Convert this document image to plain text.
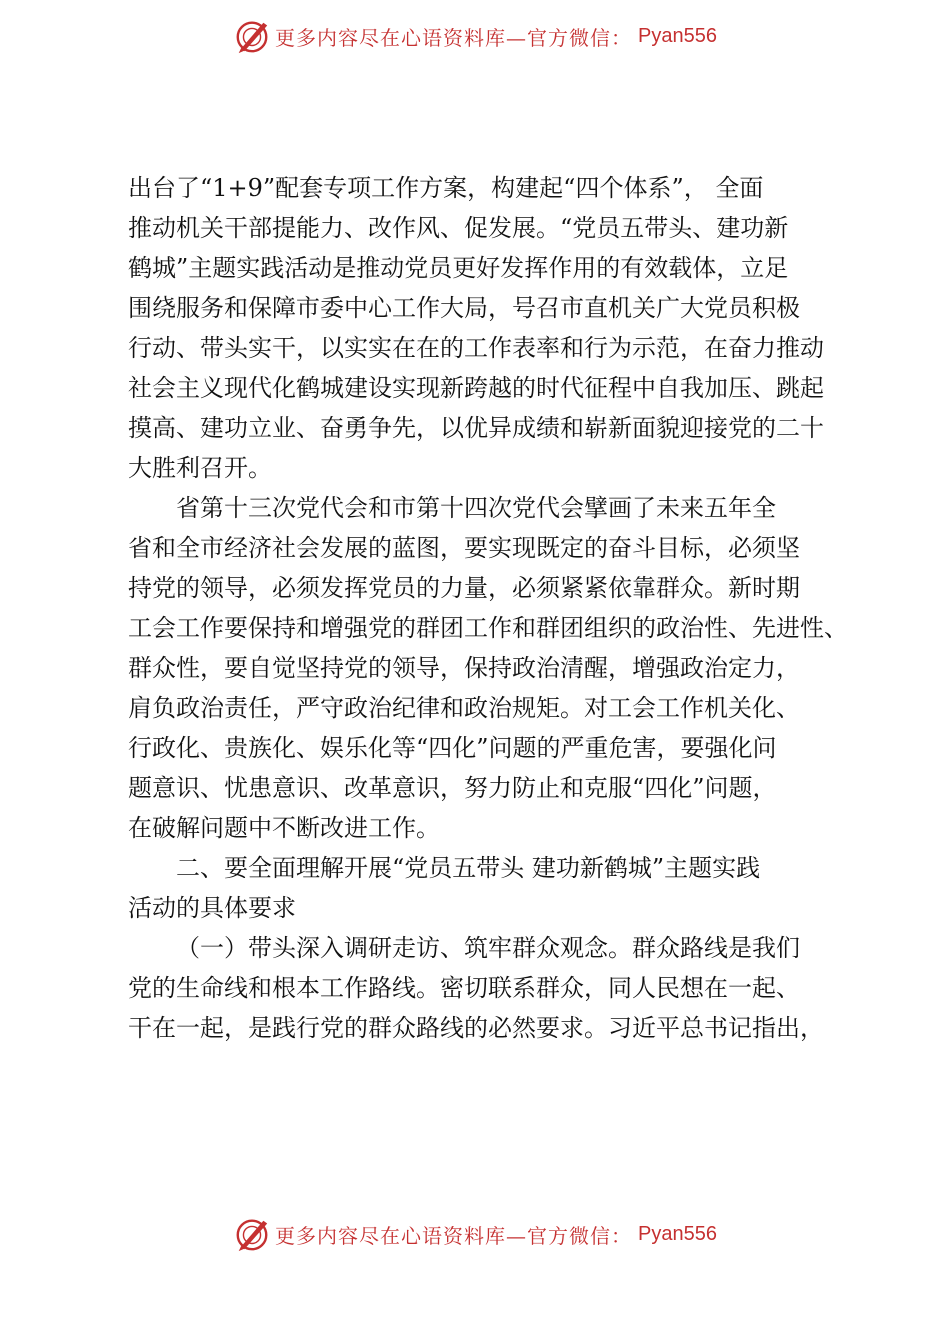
更多内容尽在心语资料库—官方微信： Pyan556
出台了“1+9”配套专项工作方案，构建起“四个体系”， 全面
推动机关干部提能力、改作风、促发展。“党员五带头、建功新
鹤城”主题实践活动是推动党员更好发挥作用的有效载体，立足
围绕服务和保障市委中心工作大局，号召市直机关广大党员积极
行动、带头实干，以实实在在的工作表率和行为示范，在奋力推动
社会主义现代化鹤城建设实现新跨越的时代征程中自我加压、跳起
摸高、建功立业、奋勇争先，以优异成绩和崭新面貌迎接党的二十
大胜利召开。
省第十三次党代会和市第十四次党代会擘画了未来五年全
省和全市经济社会发展的蓝图，要实现既定的奋斗目标，必须坚
持党的领导，必须发挥党员的力量，必须紧紧依靠群众。新时期
工会工作要保持和增强党的群团工作和群团组织的政治性、先进性、
群众性，要自觉坚持党的领导，保持政治清醒，增强政治定力，
肩负政治责任，严守政治纪律和政治规矩。对工会工作机关化、
行政化、贵族化、娱乐化等“四化”问题的严重危害，要强化问
题意识、忧患意识、改革意识，努力防止和克服“四化”问题，
在破解问题中不断改进工作。
二、要全面理解开展“党员五带头 建功新鹤城”主题实践
活动的具体要求
（一）带头深入调研走访、筑牢群众观念。群众路线是我们
党的生命线和根本工作路线。密切联系群众，同人民想在一起、
干在一起，是践行党的群众路线的必然要求。习近平总书记指出，
更多内容尽在心语资料库—官方微信： Pyan556
